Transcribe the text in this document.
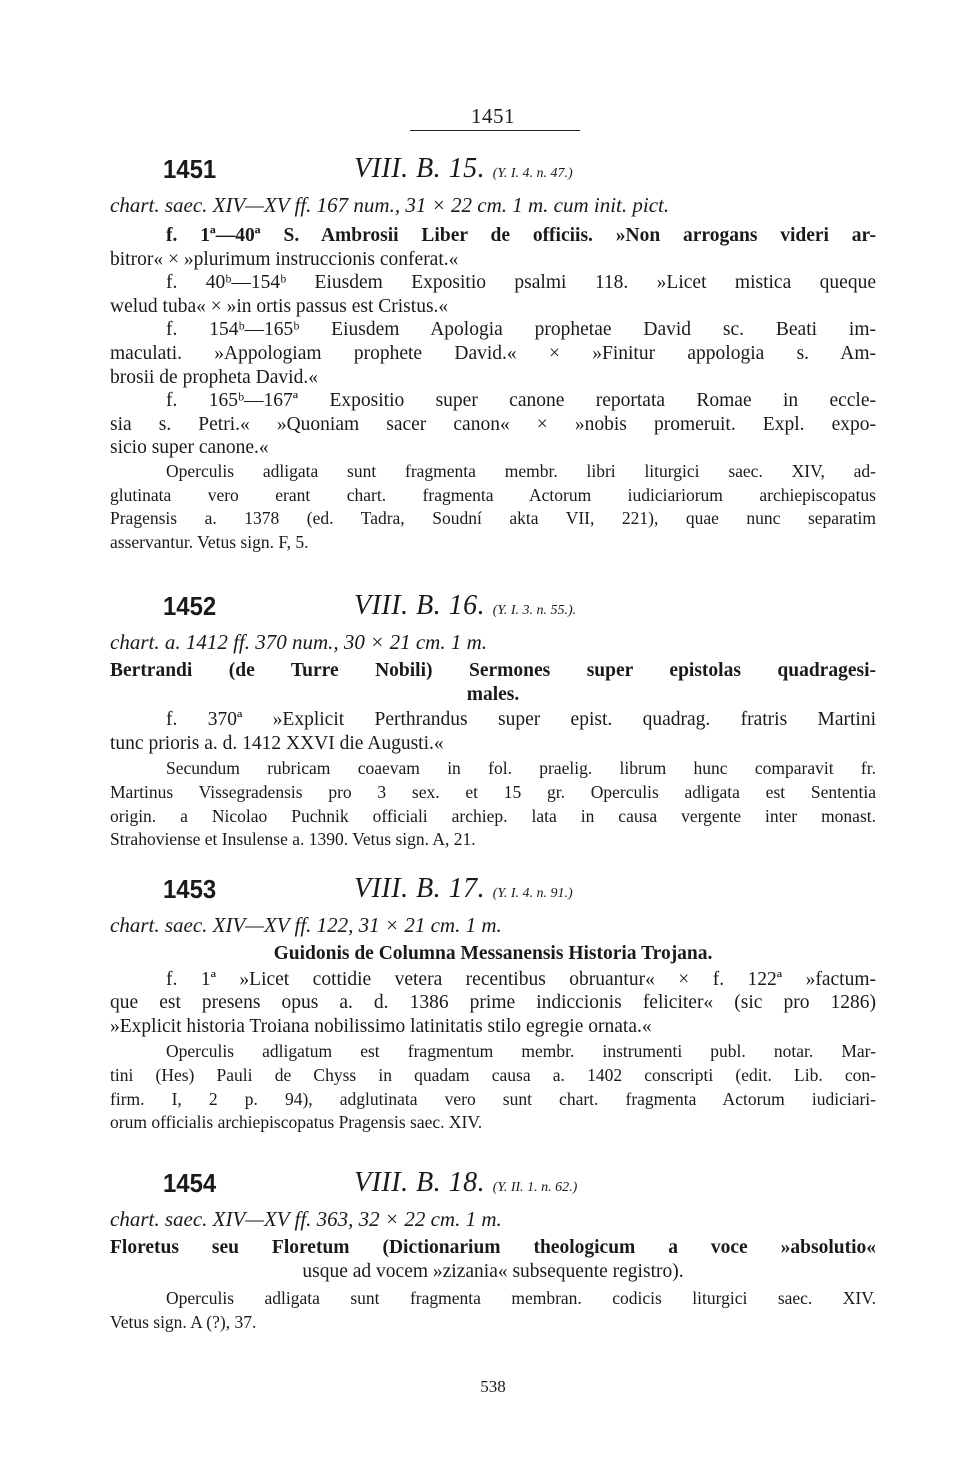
1451
1451	VIII. B. 15. (Y. I. 4. n. 47.)
chart. saec. XIV—XV ff. 167 num., 31 × 22 cm. 1 m. cum init. pict.
f. 1ª—40ª S. Ambrosii Liber de officiis. »Non arrogans videri ar-
bitror« × »plurimum instruccionis conferat.«
f. 40ᵇ—154ᵇ Eiusdem Expositio psalmi 118. »Licet mistica queque
welud tuba« × »in ortis passus est Cristus.«
f. 154ᵇ—165ᵇ Eiusdem Apologia prophetae David sc. Beati im-
maculati. »Appologiam prophete David.« × »Finitur appologia s. Am-
brosii de propheta David.«
f. 165ᵇ—167ª Expositio super canone reportata Romae in eccle-
sia s. Petri.« »Quoniam sacer canon« × »nobis promeruit. Expl. expo-
sicio super canone.«
Operculis adligata sunt fragmenta membr. libri liturgici saec. XIV, ad-
glutinata vero erant chart. fragmenta Actorum iudiciariorum archiepiscopatus
Pragensis a. 1378 (ed. Tadra, Soudní akta VII, 221), quae nunc separatim
asservantur. Vetus sign. F, 5.
1452	VIII. B. 16. (Y. I. 3. n. 55.).
chart. a. 1412 ff. 370 num., 30 × 21 cm. 1 m.
Bertrandi (de Turre Nobili) Sermones super epistolas quadragesi-
males.
f. 370ª »Explicit Perthrandus super epist. quadrag. fratris Martini
tunc prioris a. d. 1412 XXVI die Augusti.«
Secundum rubricam coaevam in fol. praelig. librum hunc comparavit fr.
Martinus Vissegradensis pro 3 sex. et 15 gr. Operculis adligata est Sententia
origin. a Nicolao Puchnik officiali archiep. lata in causa vergente inter monast.
Strahoviense et Insulense a. 1390. Vetus sign. A, 21.
1453	VIII. B. 17. (Y. I. 4. n. 91.)
chart. saec. XIV—XV ff. 122, 31 × 21 cm. 1 m.
Guidonis de Columna Messanensis Historia Trojana.
f. 1ª »Licet cottidie vetera recentibus obruantur« × f. 122ª »factum-
que est presens opus a. d. 1386 prime indiccionis feliciter« (sic pro 1286)
»Explicit historia Troiana nobilissimo latinitatis stilo egregie ornata.«
Operculis adligatum est fragmentum membr. instrumenti publ. notar. Mar-
tini (Hes) Pauli de Chyss in quadam causa a. 1402 conscripti (edit. Lib. con-
firm. I, 2 p. 94), adglutinata vero sunt chart. fragmenta Actorum iudiciari-
orum officialis archiepiscopatus Pragensis saec. XIV.
1454	VIII. B. 18. (Y. II. 1. n. 62.)
chart. saec. XIV—XV ff. 363, 32 × 22 cm. 1 m.
Floretus seu Floretum (Dictionarium theologicum a voce »absolutio«
usque ad vocem »zizania« subsequente registro).
Operculis adligata sunt fragmenta membran. codicis liturgici saec. XIV.
Vetus sign. A (?), 37.
538
